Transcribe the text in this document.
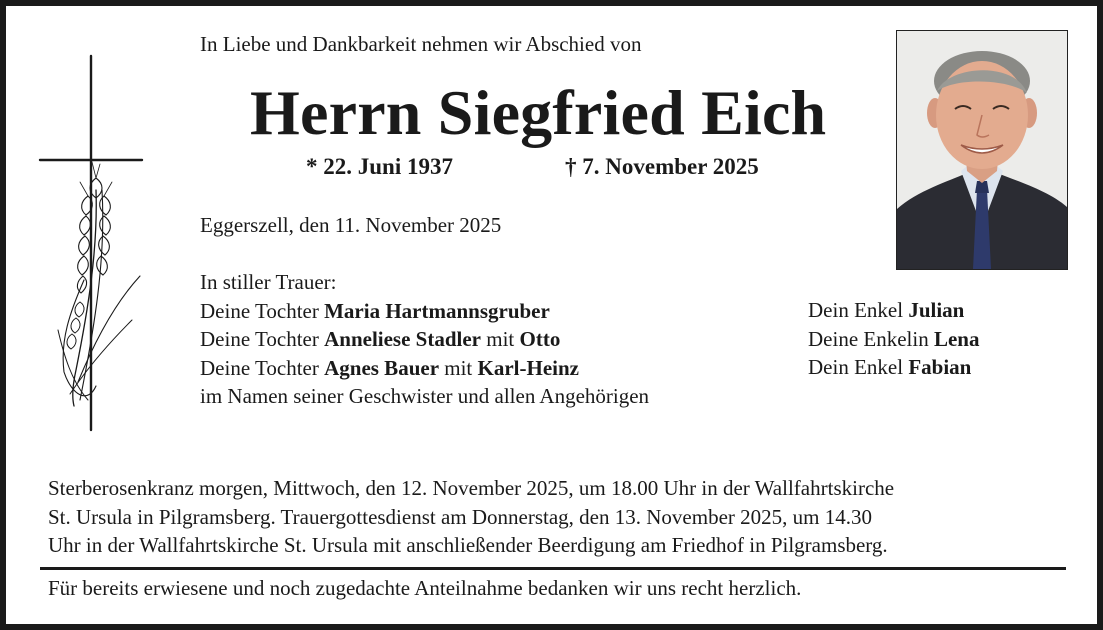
In Liebe und Dankbarkeit nehmen wir Abschied von
Herrn Siegfried Eich
* 22. Juni 1937	† 7. November 2025
Eggerszell, den 11. November 2025
In stiller Trauer:
Deine Tochter Maria Hartmannsgruber
Deine Tochter Anneliese Stadler mit Otto
Deine Tochter Agnes Bauer mit Karl-Heinz
im Namen seiner Geschwister und allen Angehörigen
Dein Enkel Julian
Deine Enkelin Lena
Dein Enkel Fabian
Sterberosenkranz morgen, Mittwoch, den 12. November 2025, um 18.00 Uhr in der Wallfahrtskirche
St. Ursula in Pilgramsberg. Trauergottesdienst am Donnerstag, den 13. November 2025, um 14.30
Uhr in der Wallfahrtskirche St. Ursula mit anschließender Beerdigung am Friedhof in Pilgramsberg.
Für bereits erwiesene und noch zugedachte Anteilnahme bedanken wir uns recht herzlich.
